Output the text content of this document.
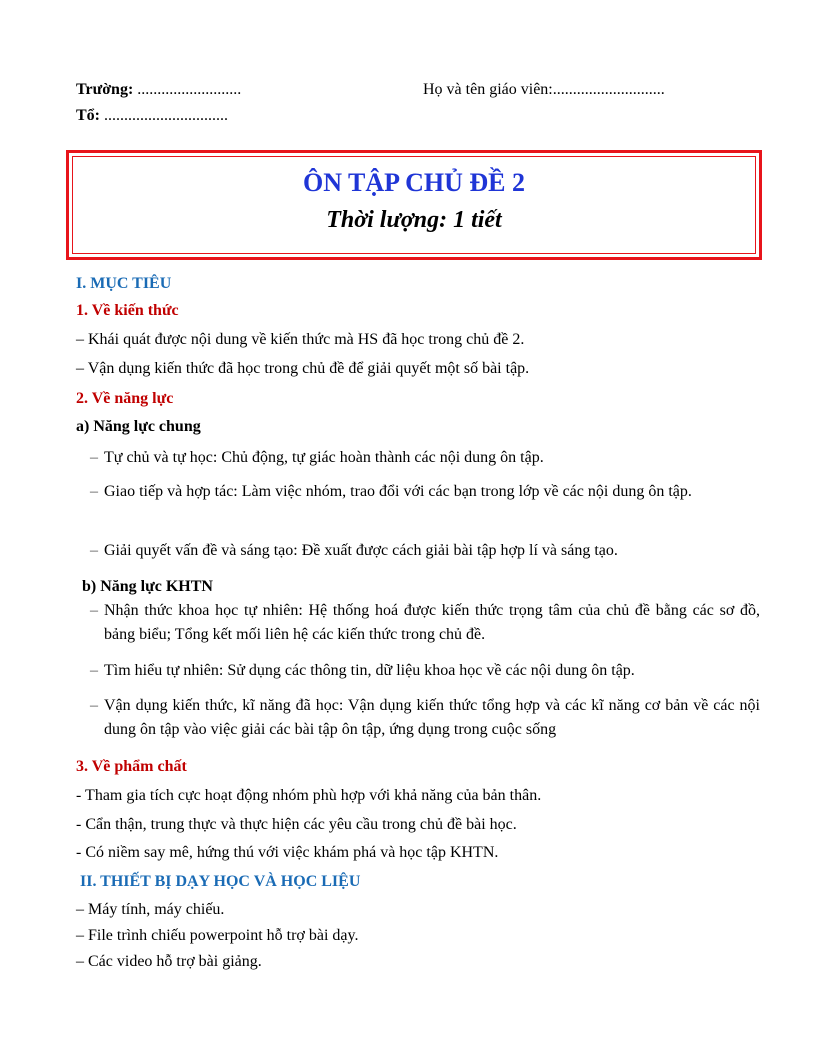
Trường: ..........................	Họ và tên giáo viên:............................
Tổ: ...............................
ÔN TẬP CHỦ ĐỀ 2
Thời lượng: 1 tiết
I. MỤC TIÊU
1. Về kiến thức
– Khái quát được nội dung về kiến thức mà HS đã học trong chủ đề 2.
– Vận dụng kiến thức đã học trong chủ đề để giải quyết một số bài tập.
2. Về năng lực
a) Năng lực chung
– Tự chủ và tự học: Chủ động, tự giác hoàn thành các nội dung ôn tập.
– Giao tiếp và hợp tác: Làm việc nhóm, trao đổi với các bạn trong lớp về các nội dung ôn tập.
– Giải quyết vấn đề và sáng tạo: Đề xuất được cách giải bài tập hợp lí và sáng tạo.
b) Năng lực KHTN
– Nhận thức khoa học tự nhiên: Hệ thống hoá được kiến thức trọng tâm của chủ đề bằng các sơ đồ, bảng biểu; Tổng kết mối liên hệ các kiến thức trong chủ đề.
– Tìm hiểu tự nhiên: Sử dụng các thông tin, dữ liệu khoa học về các nội dung ôn tập.
– Vận dụng kiến thức, kĩ năng đã học: Vận dụng kiến thức tổng hợp và các kĩ năng cơ bản về các nội dung ôn tập vào việc giải các bài tập ôn tập, ứng dụng trong cuộc sống
3. Về phẩm chất
- Tham gia tích cực hoạt động nhóm phù hợp với khả năng của bản thân.
- Cẩn thận, trung thực và thực hiện các yêu cầu trong chủ đề bài học.
- Có niềm say mê, hứng thú với việc khám phá và học tập KHTN.
II. THIẾT BỊ DẠY HỌC VÀ HỌC LIỆU
– Máy tính, máy chiếu.
– File trình chiếu powerpoint hỗ trợ bài dạy.
– Các video hỗ trợ bài giảng.
